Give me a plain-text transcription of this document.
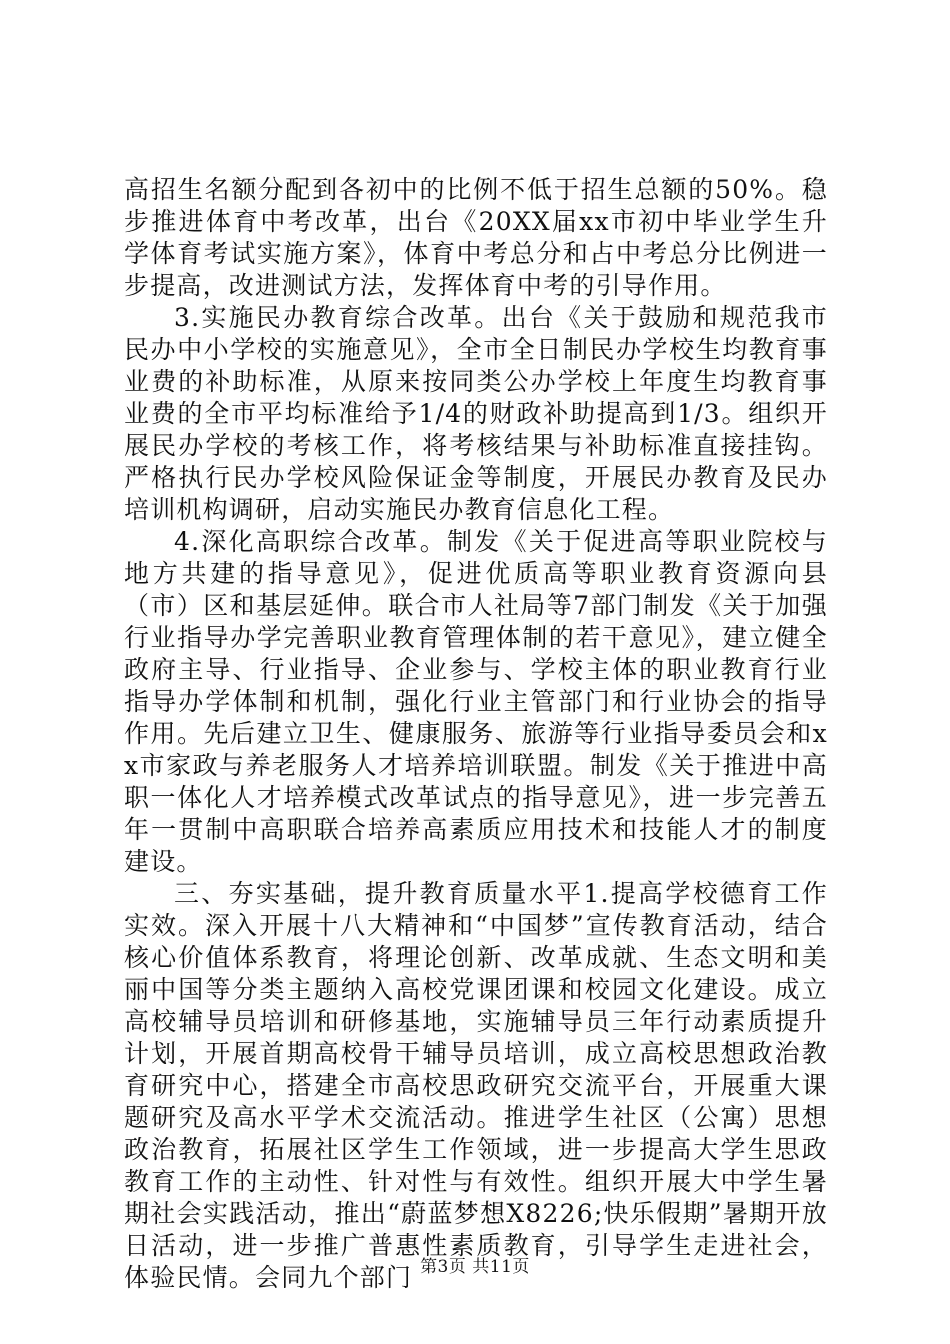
高招生名额分配到各初中的比例不低于招生总额的50%。稳步推进体育中考改革，出台《20XX届xx市初中毕业学生升学体育考试实施方案》，体育中考总分和占中考总分比例进一步提高，改进测试方法，发挥体育中考的引导作用。

3.实施民办教育综合改革。出台《关于鼓励和规范我市民办中小学校的实施意见》，全市全日制民办学校生均教育事业费的补助标准，从原来按同类公办学校上年度生均教育事业费的全市平均标准给予1/4的财政补助提高到1/3。组织开展民办学校的考核工作，将考核结果与补助标准直接挂钩。严格执行民办学校风险保证金等制度，开展民办教育及民办培训机构调研，启动实施民办教育信息化工程。

4.深化高职综合改革。制发《关于促进高等职业院校与地方共建的指导意见》，促进优质高等职业教育资源向县（市）区和基层延伸。联合市人社局等7部门制发《关于加强行业指导办学完善职业教育管理体制的若干意见》，建立健全政府主导、行业指导、企业参与、学校主体的职业教育行业指导办学体制和机制，强化行业主管部门和行业协会的指导作用。先后建立卫生、健康服务、旅游等行业指导委员会和xx市家政与养老服务人才培养培训联盟。制发《关于推进中高职一体化人才培养模式改革试点的指导意见》，进一步完善五年一贯制中高职联合培养高素质应用技术和技能人才的制度建设。

三、夯实基础，提升教育质量水平1.提高学校德育工作实效。深入开展十八大精神和“中国梦”宣传教育活动，结合核心价值体系教育，将理论创新、改革成就、生态文明和美丽中国等分类主题纳入高校党课团课和校园文化建设。成立高校辅导员培训和研修基地，实施辅导员三年行动素质提升计划，开展首期高校骨干辅导员培训，成立高校思想政治教育研究中心，搭建全市高校思政研究交流平台，开展重大课题研究及高水平学术交流活动。推进学生社区（公寓）思想政治教育，拓展社区学生工作领域，进一步提高大学生思政教育工作的主动性、针对性与有效性。组织开展大中学生暑期社会实践活动，推出“蔚蓝梦想X8226;快乐假期”暑期开放日活动，进一步推广普惠性素质教育，引导学生走进社会，体验民情。会同九个部门 第3页 共11页
